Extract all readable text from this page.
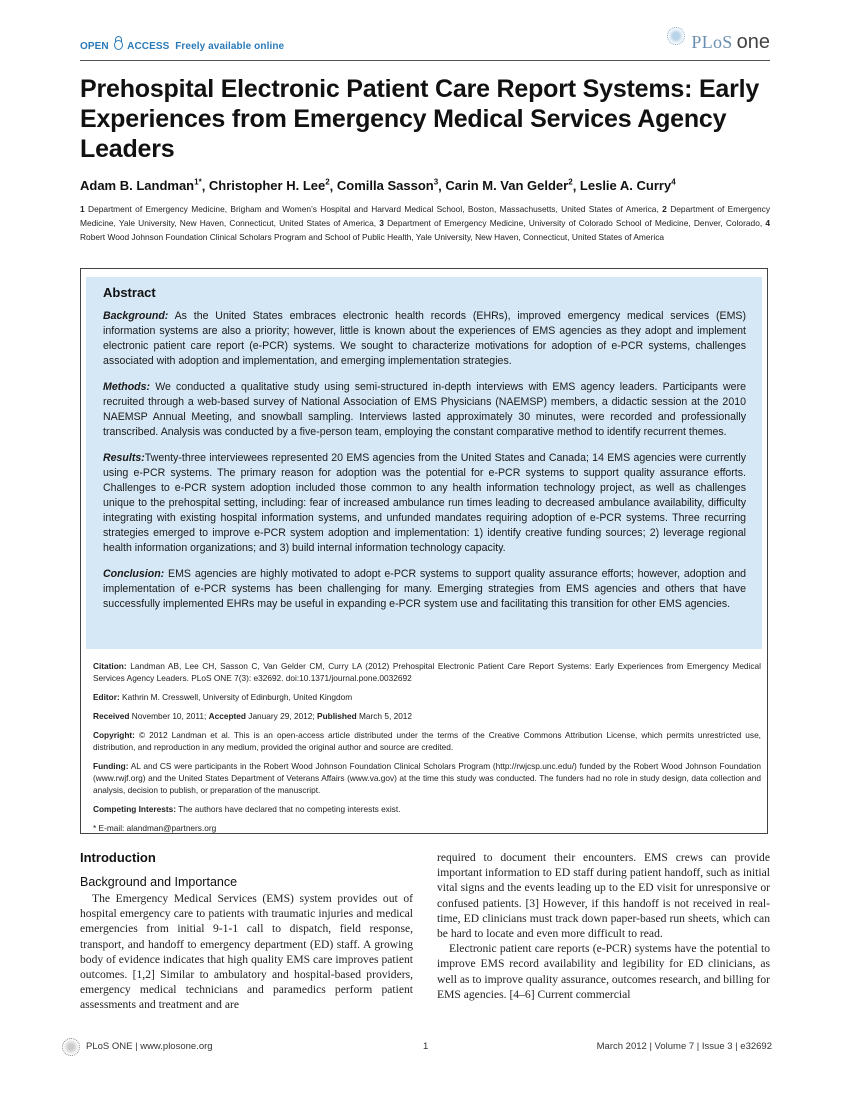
OPEN ACCESS Freely available online	PLoS one
Prehospital Electronic Patient Care Report Systems: Early Experiences from Emergency Medical Services Agency Leaders
Adam B. Landman$^{1*}$, Christopher H. Lee$^2$, Comilla Sasson$^3$, Carin M. Van Gelder$^2$, Leslie A. Curry$^4$
1 Department of Emergency Medicine, Brigham and Women’s Hospital and Harvard Medical School, Boston, Massachusetts, United States of America, 2 Department of Emergency Medicine, Yale University, New Haven, Connecticut, United States of America, 3 Department of Emergency Medicine, University of Colorado School of Medicine, Denver, Colorado, 4 Robert Wood Johnson Foundation Clinical Scholars Program and School of Public Health, Yale University, New Haven, Connecticut, United States of America
Abstract

Background: As the United States embraces electronic health records (EHRs), improved emergency medical services (EMS) information systems are also a priority; however, little is known about the experiences of EMS agencies as they adopt and implement electronic patient care report (e-PCR) systems. We sought to characterize motivations for adoption of e-PCR systems, challenges associated with adoption and implementation, and emerging implementation strategies.

Methods: We conducted a qualitative study using semi-structured in-depth interviews with EMS agency leaders. Participants were recruited through a web-based survey of National Association of EMS Physicians (NAEMSP) members, a didactic session at the 2010 NAEMSP Annual Meeting, and snowball sampling. Interviews lasted approximately 30 minutes, were recorded and professionally transcribed. Analysis was conducted by a five-person team, employing the constant comparative method to identify recurrent themes.

Results:Twenty-three interviewees represented 20 EMS agencies from the United States and Canada; 14 EMS agencies were currently using e-PCR systems. The primary reason for adoption was the potential for e-PCR systems to support quality assurance efforts. Challenges to e-PCR system adoption included those common to any health information technology project, as well as challenges unique to the prehospital setting, including: fear of increased ambulance run times leading to decreased ambulance availability, difficulty integrating with existing hospital information systems, and unfunded mandates requiring adoption of e-PCR systems. Three recurring strategies emerged to improve e-PCR system adoption and implementation: 1) identify creative funding sources; 2) leverage regional health information organizations; and 3) build internal information technology capacity.

Conclusion: EMS agencies are highly motivated to adopt e-PCR systems to support quality assurance efforts; however, adoption and implementation of e-PCR systems has been challenging for many. Emerging strategies from EMS agencies and others that have successfully implemented EHRs may be useful in expanding e-PCR system use and facilitating this transition for other EMS agencies.

Citation: Landman AB, Lee CH, Sasson C, Van Gelder CM, Curry LA (2012) Prehospital Electronic Patient Care Report Systems: Early Experiences from Emergency Medical Services Agency Leaders. PLoS ONE 7(3): e32692. doi:10.1371/journal.pone.0032692

Editor: Kathrin M. Cresswell, University of Edinburgh, United Kingdom

Received November 10, 2011; Accepted January 29, 2012; Published March 5, 2012

Copyright: © 2012 Landman et al. This is an open-access article distributed under the terms of the Creative Commons Attribution License, which permits unrestricted use, distribution, and reproduction in any medium, provided the original author and source are credited.

Funding: AL and CS were participants in the Robert Wood Johnson Foundation Clinical Scholars Program (http://rwjcsp.unc.edu/) funded by the Robert Wood Johnson Foundation (www.rwjf.org) and the United States Department of Veterans Affairs (www.va.gov) at the time this study was conducted. The funders had no role in study design, data collection and analysis, decision to publish, or preparation of the manuscript.

Competing Interests: The authors have declared that no competing interests exist.

* E-mail: alandman@partners.org

Introduction
Background and Importance

The Emergency Medical Services (EMS) system provides out of hospital emergency care to patients with traumatic injuries and medical emergencies from initial 9-1-1 call to dispatch, field response, transport, and handoff to emergency department (ED) staff. A growing body of evidence indicates that high quality EMS care improves patient outcomes. [1,2] Similar to ambulatory and hospital-based providers, emergency medical technicians and paramedics perform patient assessments and treatment and are

required to document their encounters. EMS crews can provide important information to ED staff during patient handoff, such as initial vital signs and the events leading up to the ED visit for unresponsive or confused patients. [3] However, if this handoff is not received in real-time, ED clinicians must track down paper-based run sheets, which can be hard to locate and even more difficult to read.

Electronic patient care reports (e-PCR) systems have the potential to improve EMS record availability and legibility for ED clinicians, as well as to improve quality assurance, outcomes research, and billing for EMS agencies. [4–6] Current commercial

PLoS ONE | www.plosone.org	1	March 2012 | Volume 7 | Issue 3 | e32692
